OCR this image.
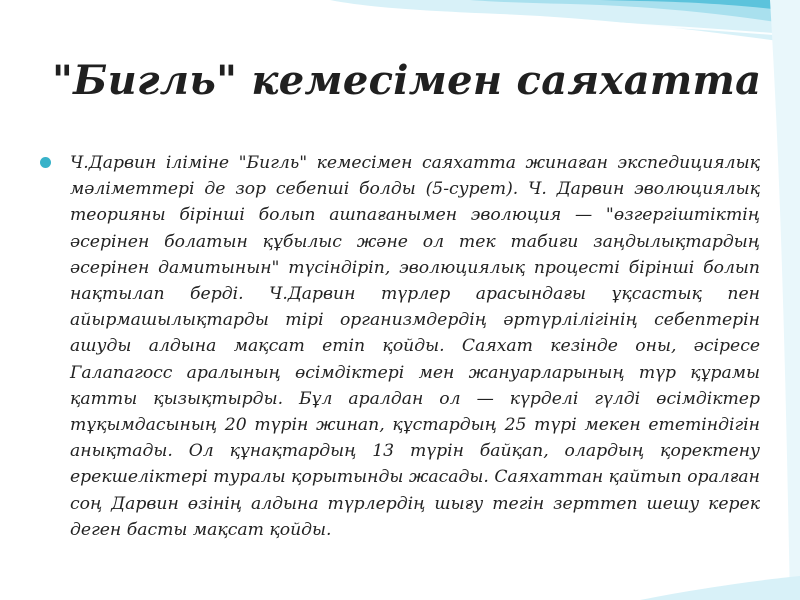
"Бигль" кемесімен саяхатта

Ч.Дарвин іліміне "Бигль" кемесімен саяхатта жинаған экспедициялық мәліметтері де зор себепші болды (5-сурет). Ч. Дарвин эволюциялық теорияны бірінші болып ашпағанымен эволюция — "өзгергіштіктің әсерінен болатын құбылыс және ол тек табиғи заңдылықтардың әсерінен дамитынын" түсіндіріп, эволюциялық процесті бірінші болып нақтылап берді. Ч.Дарвин түрлер арасындағы ұқсастық пен айырмашылықтарды тірі организмдердің әртүрлілігінің себептерін ашуды алдына мақсат етіп қойды. Саяхат кезінде оны, әсіресе Галапагосс аралының өсімдіктері мен жануарларының түр құрамы қатты қызықтырды. Бұл аралдан ол — күрделі гүлді өсімдіктер тұқымдасының 20 түрін жинап, құстардың 25 түрі мекен ететіндігін анықтады. Ол құнақтардың 13 түрін байқап, олардың қоректену ерекшеліктері туралы қорытынды жасады. Саяхаттан қайтып оралған соң Дарвин өзінің алдына түрлердің шығу тегін зерттеп шешу керек деген басты мақсат қойды.
